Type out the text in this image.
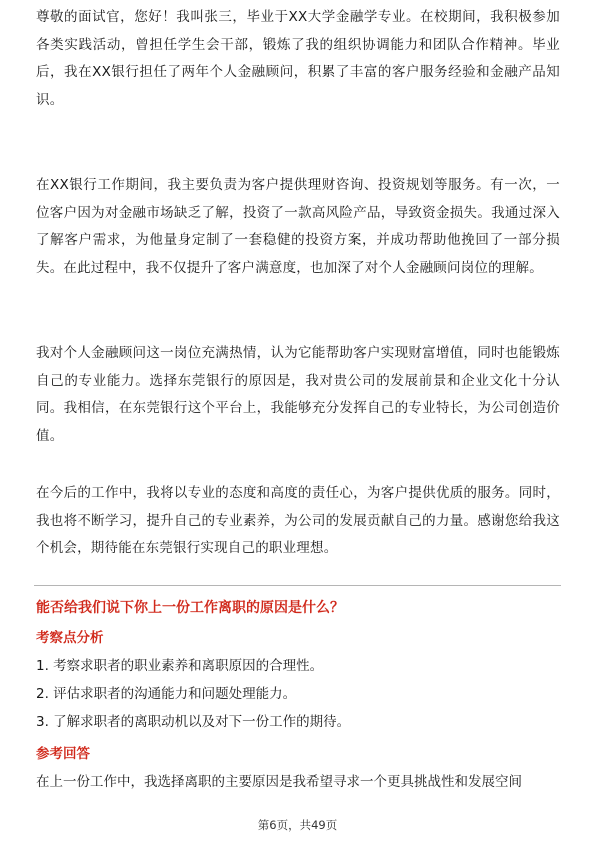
尊敬的面试官，您好！我叫张三，毕业于XX大学金融学专业。在校期间，我积极参加各类实践活动，曾担任学生会干部，锻炼了我的组织协调能力和团队合作精神。毕业后，我在XX银行担任了两年个人金融顾问，积累了丰富的客户服务经验和金融产品知识。

在XX银行工作期间，我主要负责为客户提供理财咨询、投资规划等服务。有一次，一位客户因为对金融市场缺乏了解，投资了一款高风险产品，导致资金损失。我通过深入了解客户需求，为他量身定制了一套稳健的投资方案，并成功帮助他挽回了一部分损失。在此过程中，我不仅提升了客户满意度，也加深了对个人金融顾问岗位的理解。

我对个人金融顾问这一岗位充满热情，认为它能帮助客户实现财富增值，同时也能锻炼自己的专业能力。选择东莞银行的原因是，我对贵公司的发展前景和企业文化十分认同。我相信，在东莞银行这个平台上，我能够充分发挥自己的专业特长，为公司创造价值。

在今后的工作中，我将以专业的态度和高度的责任心，为客户提供优质的服务。同时，我也将不断学习，提升自己的专业素养，为公司的发展贡献自己的力量。感谢您给我这个机会，期待能在东莞银行实现自己的职业理想。

能否给我们说下你上一份工作离职的原因是什么？

考察点分析

1. 考察求职者的职业素养和离职原因的合理性。

2. 评估求职者的沟通能力和问题处理能力。

3. 了解求职者的离职动机以及对下一份工作的期待。

参考回答

在上一份工作中，我选择离职的主要原因是我希望寻求一个更具挑战性和发展空间

第6页，共49页
